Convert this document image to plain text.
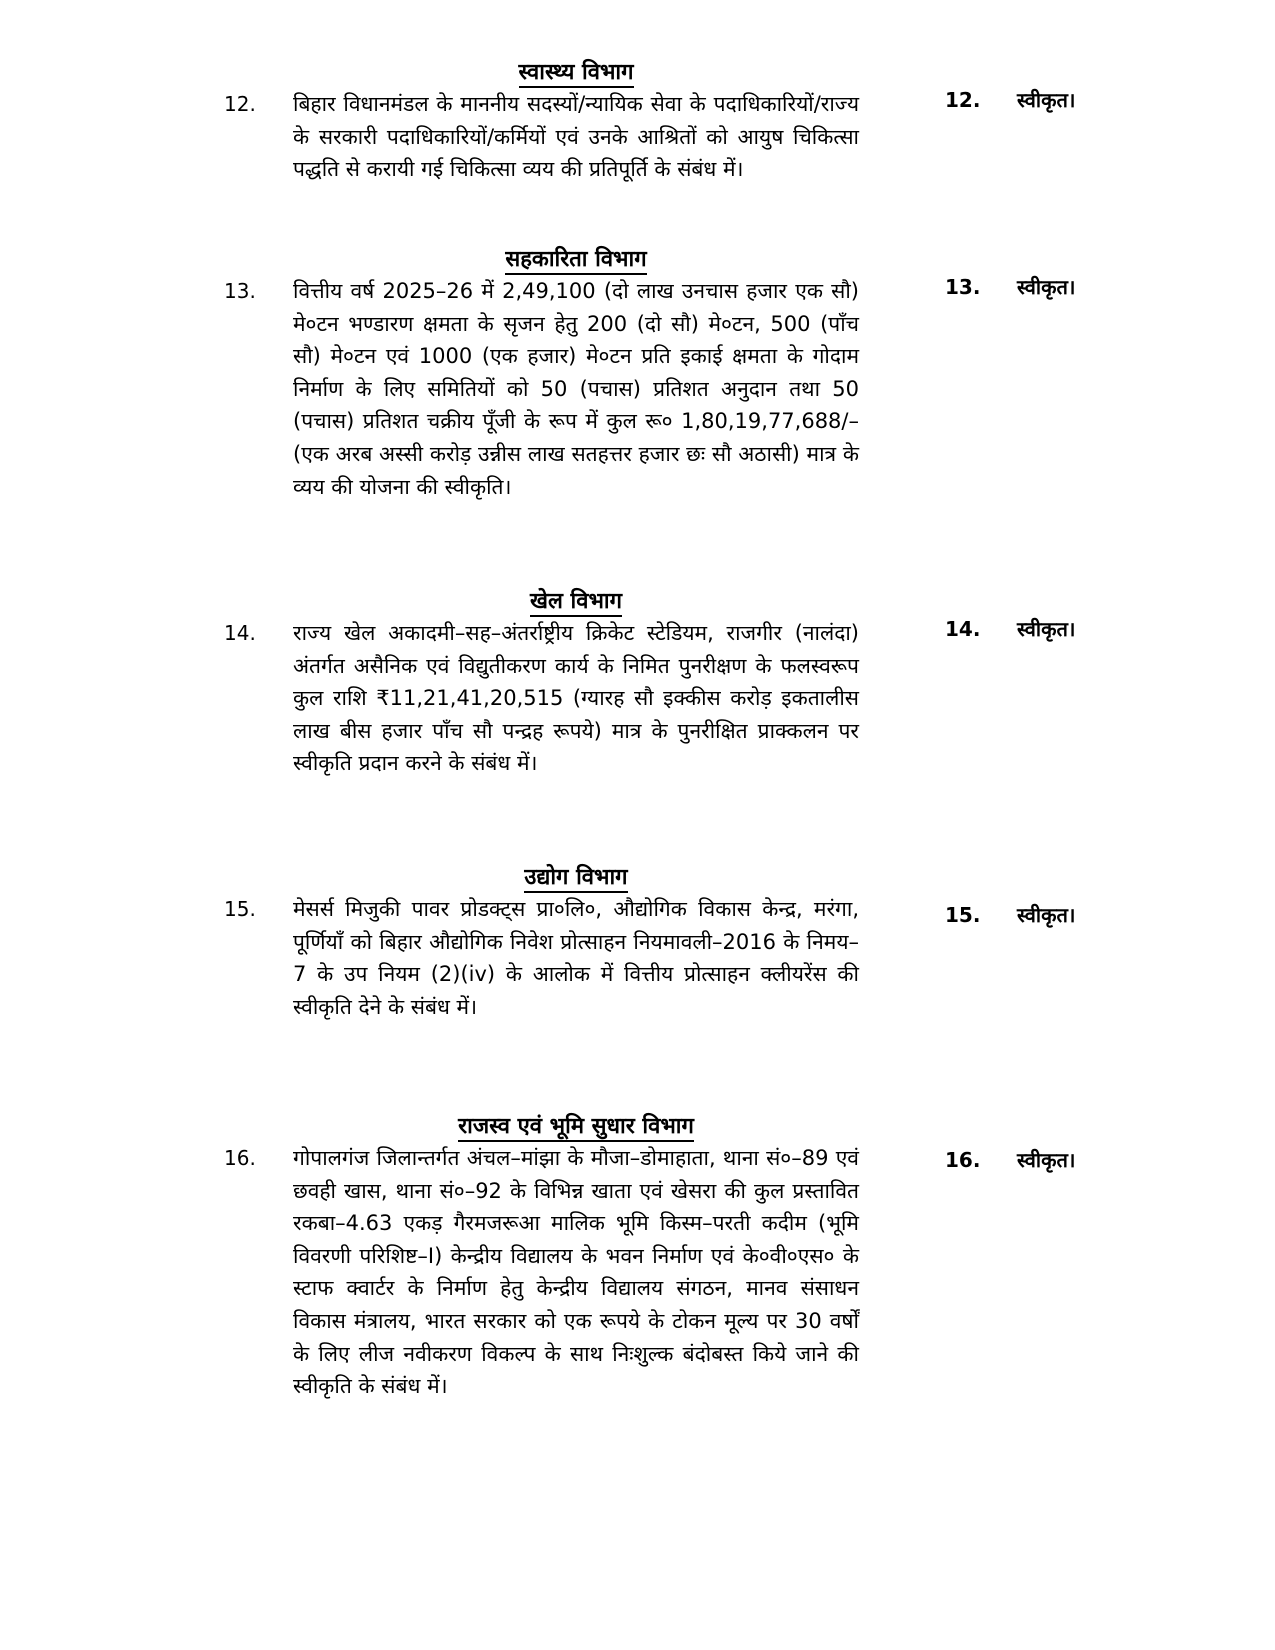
स्वास्थ्य विभाग
12. बिहार विधानमंडल के माननीय सदस्यों/न्यायिक सेवा के पदाधिकारियों/राज्य के सरकारी पदाधिकारियों/कर्मियों एवं उनके आश्रितों को आयुष चिकित्सा पद्धति से करायी गई चिकित्सा व्यय की प्रतिपूर्ति के संबंध में।
12. स्वीकृत।
सहकारिता विभाग
13. वित्तीय वर्ष 2025–26 में 2,49,100 (दो लाख उनचास हजार एक सौ) मे०टन भण्डारण क्षमता के सृजन हेतु 200 (दो सौ) मे०टन, 500 (पाँच सौ) मे०टन एवं 1000 (एक हजार) मे०टन प्रति इकाई क्षमता के गोदाम निर्माण के लिए समितियों को 50 (पचास) प्रतिशत अनुदान तथा 50 (पचास) प्रतिशत चक्रीय पूँजी के रूप में कुल रू० 1,80,19,77,688/–(एक अरब अस्सी करोड़ उन्नीस लाख सतहत्तर हजार छः सौ अठासी) मात्र के व्यय की योजना की स्वीकृति।
13. स्वीकृत।
खेल विभाग
14. राज्य खेल अकादमी–सह–अंतर्राष्ट्रीय क्रिकेट स्टेडियम, राजगीर (नालंदा) अंतर्गत असैनिक एवं विद्युतीकरण कार्य के निमित पुनरीक्षण के फलस्वरूप कुल राशि ₹11,21,41,20,515 (ग्यारह सौ इक्कीस करोड़ इकतालीस लाख बीस हजार पाँच सौ पन्द्रह रूपये) मात्र के पुनरीक्षित प्राक्कलन पर स्वीकृति प्रदान करने के संबंध में।
14. स्वीकृत।
उद्योग विभाग
15. मेसर्स मिजुकी पावर प्रोडक्ट्स प्रा०लि०, औद्योगिक विकास केन्द्र, मरंगा, पूर्णियाँ को बिहार औद्योगिक निवेश प्रोत्साहन नियमावली–2016 के निमय–7 के उप नियम (2)(iv) के आलोक में वित्तीय प्रोत्साहन क्लीयरेंस की स्वीकृति देने के संबंध में।
15. स्वीकृत।
राजस्व एवं भूमि सुधार विभाग
16. गोपालगंज जिलान्तर्गत अंचल–मांझा के मौजा–डोमाहाता, थाना सं०–89 एवं छवही खास, थाना सं०–92 के विभिन्न खाता एवं खेसरा की कुल प्रस्तावित रकबा–4.63 एकड़ गैरमजरूआ मालिक भूमि किस्म–परती कदीम (भूमि विवरणी परिशिष्ट–I) केन्द्रीय विद्यालय के भवन निर्माण एवं के०वी०एस० के स्टाफ क्वार्टर के निर्माण हेतु केन्द्रीय विद्यालय संगठन, मानव संसाधन विकास मंत्रालय, भारत सरकार को एक रूपये के टोकन मूल्य पर 30 वर्षों के लिए लीज नवीकरण विकल्प के साथ निःशुल्क बंदोबस्त किये जाने की स्वीकृति के संबंध में।
16. स्वीकृत।
